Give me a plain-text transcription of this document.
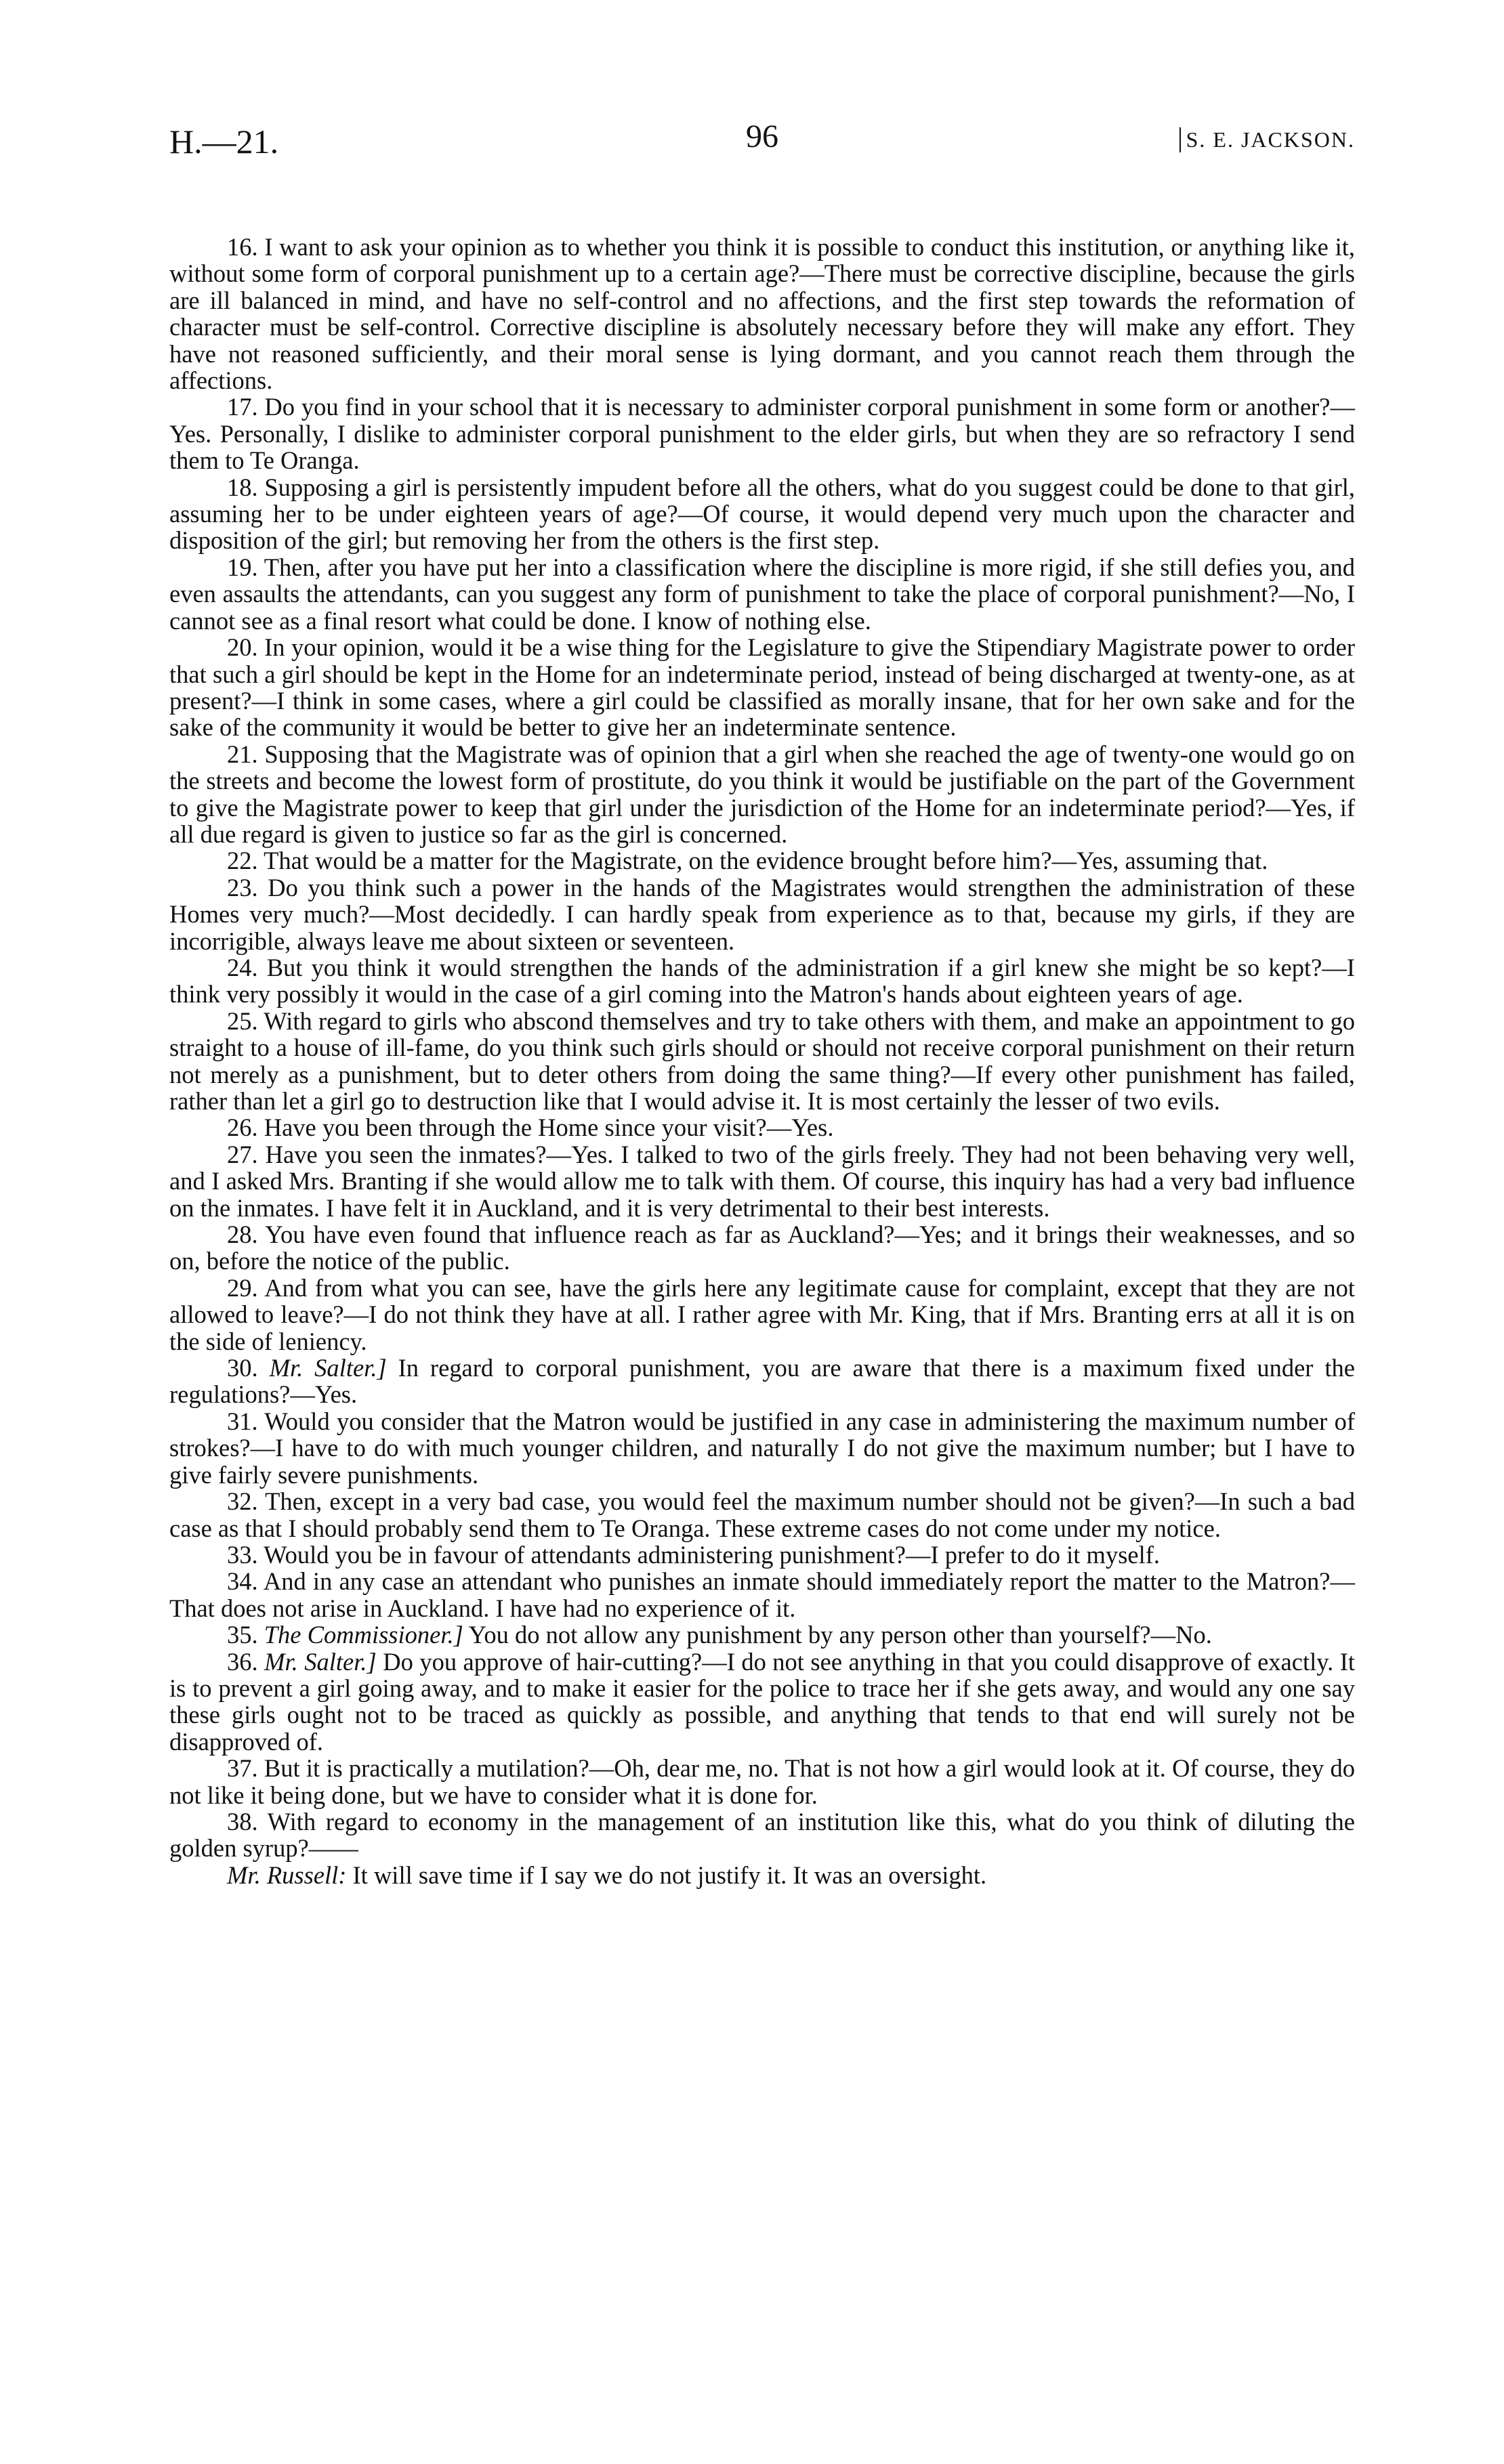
H.—21.	96	S. E. JACKSON.

16. I want to ask your opinion as to whether you think it is possible to conduct this institution, or anything like it, without some form of corporal punishment up to a certain age?—There must be corrective discipline, because the girls are ill balanced in mind, and have no self-control and no affections, and the first step towards the reformation of character must be self-control. Corrective discipline is absolutely necessary before they will make any effort. They have not reasoned sufficiently, and their moral sense is lying dormant, and you cannot reach them through the affections.

17. Do you find in your school that it is necessary to administer corporal punishment in some form or another?—Yes. Personally, I dislike to administer corporal punishment to the elder girls, but when they are so refractory I send them to Te Oranga.

18. Supposing a girl is persistently impudent before all the others, what do you suggest could be done to that girl, assuming her to be under eighteen years of age?—Of course, it would depend very much upon the character and disposition of the girl; but removing her from the others is the first step.

19. Then, after you have put her into a classification where the discipline is more rigid, if she still defies you, and even assaults the attendants, can you suggest any form of punishment to take the place of corporal punishment?—No, I cannot see as a final resort what could be done. I know of nothing else.

20. In your opinion, would it be a wise thing for the Legislature to give the Stipendiary Magistrate power to order that such a girl should be kept in the Home for an indeterminate period, instead of being discharged at twenty-one, as at present?—I think in some cases, where a girl could be classified as morally insane, that for her own sake and for the sake of the community it would be better to give her an indeterminate sentence.

21. Supposing that the Magistrate was of opinion that a girl when she reached the age of twenty-one would go on the streets and become the lowest form of prostitute, do you think it would be justifiable on the part of the Government to give the Magistrate power to keep that girl under the jurisdiction of the Home for an indeterminate period?—Yes, if all due regard is given to justice so far as the girl is concerned.

22. That would be a matter for the Magistrate, on the evidence brought before him?—Yes, assuming that.

23. Do you think such a power in the hands of the Magistrates would strengthen the administration of these Homes very much?—Most decidedly. I can hardly speak from experience as to that, because my girls, if they are incorrigible, always leave me about sixteen or seventeen.

24. But you think it would strengthen the hands of the administration if a girl knew she might be so kept?—I think very possibly it would in the case of a girl coming into the Matron's hands about eighteen years of age.

25. With regard to girls who abscond themselves and try to take others with them, and make an appointment to go straight to a house of ill-fame, do you think such girls should or should not receive corporal punishment on their return not merely as a punishment, but to deter others from doing the same thing?—If every other punishment has failed, rather than let a girl go to destruction like that I would advise it. It is most certainly the lesser of two evils.

26. Have you been through the Home since your visit?—Yes.

27. Have you seen the inmates?—Yes. I talked to two of the girls freely. They had not been behaving very well, and I asked Mrs. Branting if she would allow me to talk with them. Of course, this inquiry has had a very bad influence on the inmates. I have felt it in Auckland, and it is very detrimental to their best interests.

28. You have even found that influence reach as far as Auckland?—Yes; and it brings their weaknesses, and so on, before the notice of the public.

29. And from what you can see, have the girls here any legitimate cause for complaint, except that they are not allowed to leave?—I do not think they have at all. I rather agree with Mr. King, that if Mrs. Branting errs at all it is on the side of leniency.

30. Mr. Salter.] In regard to corporal punishment, you are aware that there is a maximum fixed under the regulations?—Yes.

31. Would you consider that the Matron would be justified in any case in administering the maximum number of strokes?—I have to do with much younger children, and naturally I do not give the maximum number; but I have to give fairly severe punishments.

32. Then, except in a very bad case, you would feel the maximum number should not be given?—In such a bad case as that I should probably send them to Te Oranga. These extreme cases do not come under my notice.

33. Would you be in favour of attendants administering punishment?—I prefer to do it myself.

34. And in any case an attendant who punishes an inmate should immediately report the matter to the Matron?—That does not arise in Auckland. I have had no experience of it.

35. The Commissioner.] You do not allow any punishment by any person other than yourself?—No.

36. Mr. Salter.] Do you approve of hair-cutting?—I do not see anything in that you could disapprove of exactly. It is to prevent a girl going away, and to make it easier for the police to trace her if she gets away, and would any one say these girls ought not to be traced as quickly as possible, and anything that tends to that end will surely not be disapproved of.

37. But it is practically a mutilation?—Oh, dear me, no. That is not how a girl would look at it. Of course, they do not like it being done, but we have to consider what it is done for.

38. With regard to economy in the management of an institution like this, what do you think of diluting the golden syrup?——

Mr. Russell: It will save time if I say we do not justify it. It was an oversight.
